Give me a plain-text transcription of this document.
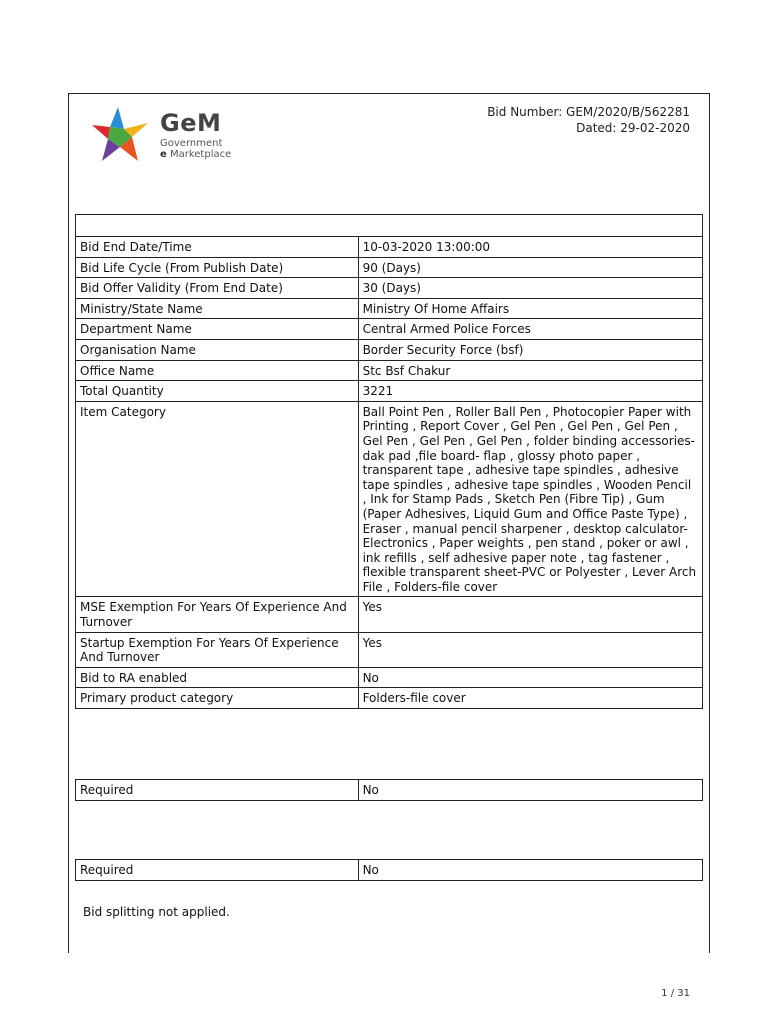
GeM
Government
e Marketplace
Bid Number: GEM/2020/B/562281
Dated: 29-02-2020

Bid End Date/Time	10-03-2020 13:00:00
Bid Life Cycle (From Publish Date)	90 (Days)
Bid Offer Validity (From End Date)	30 (Days)
Ministry/State Name	Ministry Of Home Affairs
Department Name	Central Armed Police Forces
Organisation Name	Border Security Force (bsf)
Office Name	Stc Bsf Chakur
Total Quantity	3221
Item Category	Ball Point Pen , Roller Ball Pen , Photocopier Paper with Printing , Report Cover , Gel Pen , Gel Pen , Gel Pen , Gel Pen , Gel Pen , Gel Pen , folder binding accessories- dak pad ,file board- flap , glossy photo paper , transparent tape , adhesive tape spindles , adhesive tape spindles , adhesive tape spindles , Wooden Pencil , Ink for Stamp Pads , Sketch Pen (Fibre Tip) , Gum (Paper Adhesives, Liquid Gum and Office Paste Type) , Eraser , manual pencil sharpener , desktop calculator-Electronics , Paper weights , pen stand , poker or awl , ink refills , self adhesive paper note , tag fastener , flexible transparent sheet-PVC or Polyester , Lever Arch File , Folders-file cover
MSE Exemption For Years Of Experience And Turnover	Yes
Startup Exemption For Years Of Experience And Turnover	Yes
Bid to RA enabled	No
Primary product category	Folders-file cover
Required	No
Required	No
Bid splitting not applied.
1 / 31
